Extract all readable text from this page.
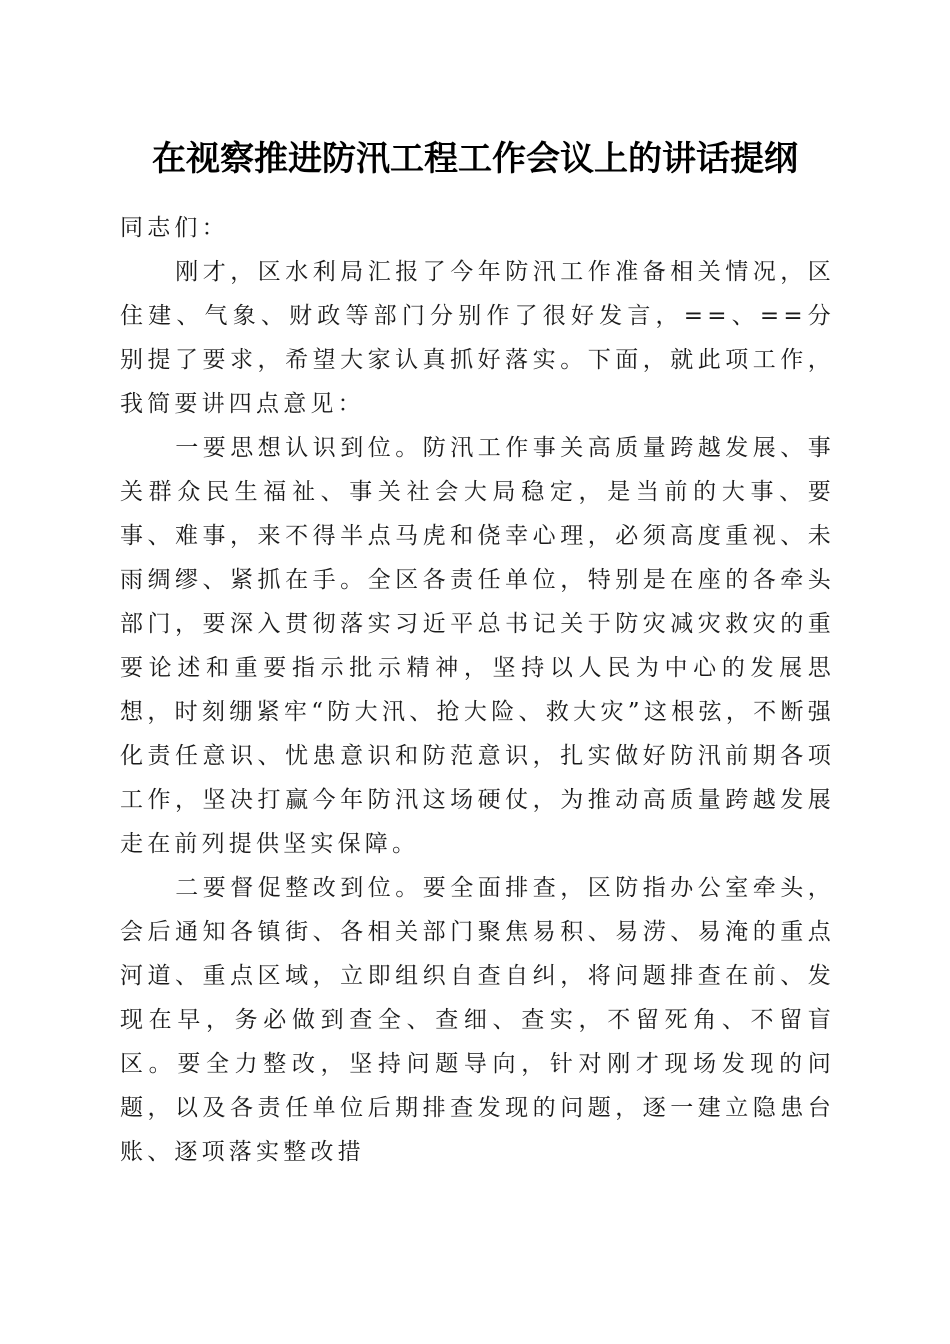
在视察推进防汛工程工作会议上的讲话提纲

同志们：

刚才，区水利局汇报了今年防汛工作准备相关情况，区住建、气象、财政等部门分别作了很好发言，==、==分别提了要求，希望大家认真抓好落实。下面，就此项工作，我简要讲四点意见：

一要思想认识到位。防汛工作事关高质量跨越发展、事关群众民生福祉、事关社会大局稳定，是当前的大事、要事、难事，来不得半点马虎和侥幸心理，必须高度重视、未雨绸缪、紧抓在手。全区各责任单位，特别是在座的各牵头部门，要深入贯彻落实习近平总书记关于防灾减灾救灾的重要论述和重要指示批示精神，坚持以人民为中心的发展思想，时刻绷紧牢“防大汛、抢大险、救大灾”这根弦，不断强化责任意识、忧患意识和防范意识，扎实做好防汛前期各项工作，坚决打赢今年防汛这场硬仗，为推动高质量跨越发展走在前列提供坚实保障。

二要督促整改到位。要全面排查，区防指办公室牵头，会后通知各镇街、各相关部门聚焦易积、易涝、易淹的重点河道、重点区域，立即组织自查自纠，将问题排查在前、发现在早，务必做到查全、查细、查实，不留死角、不留盲区。要全力整改，坚持问题导向，针对刚才现场发现的问题，以及各责任单位后期排查发现的问题，逐一建立隐患台账、逐项落实整改措
